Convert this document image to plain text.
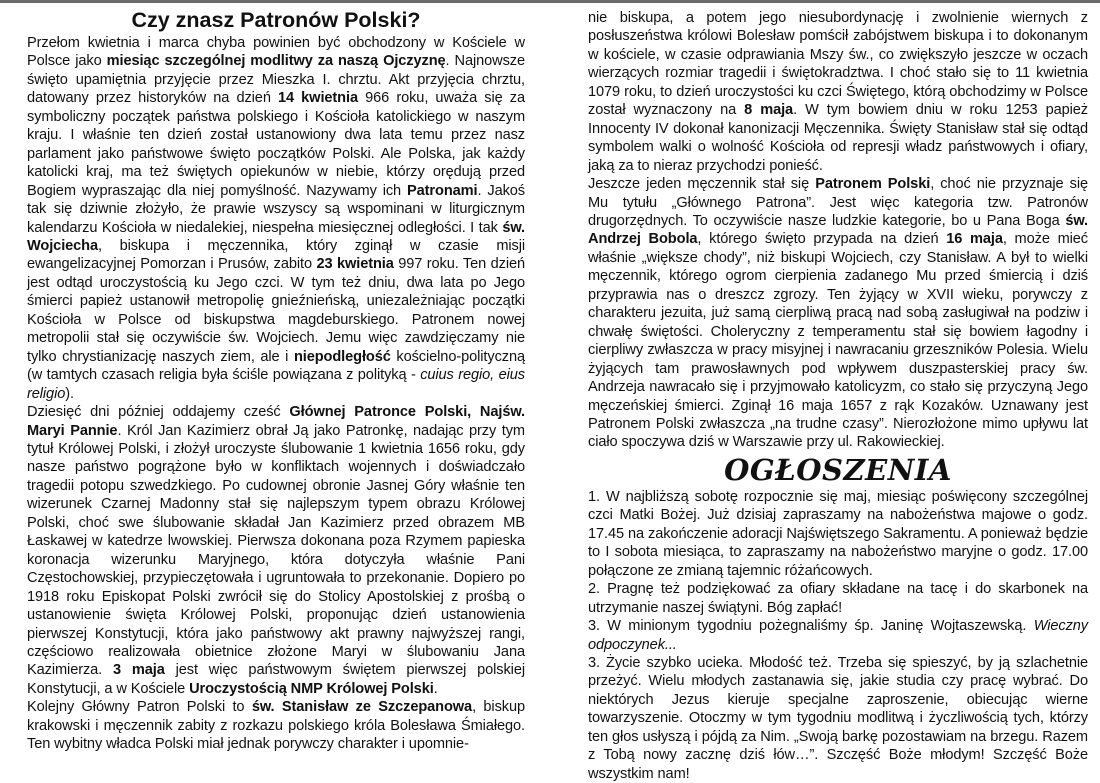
Czy znasz Patronów Polski?

Przełom kwietnia i marca chyba powinien być obchodzony w Kościele w Polsce jako miesiąc szczególnej modlitwy za naszą Ojczyznę. Najnowsze święto upamiętnia przyjęcie przez Mieszka I. chrztu. Akt przyjęcia chrztu, datowany przez historyków na dzień 14 kwietnia 966 roku, uważa się za symboliczny początek państwa polskiego i Kościoła katolickiego w naszym kraju. I właśnie ten dzień został ustanowiony dwa lata temu przez nasz parlament jako państwowe święto początków Polski. Ale Polska, jak każdy katolicki kraj, ma też świętych opiekunów w niebie, którzy orędują przed Bogiem wypraszając dla niej pomyślność. Nazywamy ich Patronami. Jakoś tak się dziwnie złożyło, że prawie wszyscy są wspominani w liturgicznym kalendarzu Kościoła w niedalekiej, niespełna miesięcznej odległości. I tak św. Wojciecha, biskupa i męczennika, który zginął w czasie misji ewangelizacyjnej Pomorzan i Prusów, zabito 23 kwietnia 997 roku. Ten dzień jest odtąd uroczystością ku Jego czci. W tym też dniu, dwa lata po Jego śmierci papież ustanowił metropolię gnieźnieńską, uniezależniając początki Kościoła w Polsce od biskupstwa magdeburskiego. Patronem nowej metropolii stał się oczywiście św. Wojciech. Jemu więc zawdzięczamy nie tylko chrystianizację naszych ziem, ale i niepodległość kościelno-polityczną (w tamtych czasach religia była ściśle powiązana z polityką - cuius regio, eius religio).

Dziesięć dni później oddajemy cześć Głównej Patronce Polski, Najśw. Maryi Pannie. Król Jan Kazimierz obrał Ją jako Patronkę, nadając przy tym tytuł Królowej Polski, i złożył uroczyste ślubowanie 1 kwietnia 1656 roku, gdy nasze państwo pogrążone było w konfliktach wojennych i doświadczało tragedii potopu szwedzkiego. Po cudownej obronie Jasnej Góry właśnie ten wizerunek Czarnej Madonny stał się najlepszym typem obrazu Królowej Polski, choć swe ślubowanie składał Jan Kazimierz przed obrazem MB Łaskawej w katedrze lwowskiej. Pierwsza dokonana poza Rzymem papieska koronacja wizerunku Maryjnego, która dotyczyła właśnie Pani Częstochowskiej, przypieczętowała i ugruntowała to przekonanie. Dopiero po 1918 roku Episkopat Polski zwrócił się do Stolicy Apostolskiej z prośbą o ustanowienie święta Królowej Polski, proponując dzień ustanowienia pierwszej Konstytucji, która jako państwowy akt prawny najwyższej rangi, częściowo realizowała obietnice złożone Maryi w ślubowaniu Jana Kazimierza. 3 maja jest więc państwowym świętem pierwszej polskiej Konstytucji, a w Kościele Uroczystością NMP Królowej Polski.

Kolejny Główny Patron Polski to św. Stanisław ze Szczepanowa, biskup krakowski i męczennik zabity z rozkazu polskiego króla Bolesława Śmiałego. Ten wybitny władca Polski miał jednak porywczy charakter i upomnie-

nie biskupa, a potem jego niesubordynację i zwolnienie wiernych z posłuszeństwa królowi Bolesław pomścił zabójstwem biskupa i to dokonanym w kościele, w czasie odprawiania Mszy św., co zwiększyło jeszcze w oczach wierzących rozmiar tragedii i świętokradztwa. I choć stało się to 11 kwietnia 1079 roku, to dzień uroczystości ku czci Świętego, którą obchodzimy w Polsce został wyznaczony na 8 maja. W tym bowiem dniu w roku 1253 papież Innocenty IV dokonał kanonizacji Męczennika. Święty Stanisław stał się odtąd symbolem walki o wolność Kościoła od represji władz państwowych i ofiary, jaką za to nieraz przychodzi ponieść.

Jeszcze jeden męczennik stał się Patronem Polski, choć nie przyznaje się Mu tytułu „Głównego Patrona”. Jest więc kategoria tzw. Patronów drugorzędnych. To oczywiście nasze ludzkie kategorie, bo u Pana Boga św. Andrzej Bobola, którego święto przypada na dzień 16 maja, może mieć właśnie „większe chody”, niż biskupi Wojciech, czy Stanisław. A był to wielki męczennik, którego ogrom cierpienia zadanego Mu przed śmiercią i dziś przyprawia nas o dreszcz zgrozy. Ten żyjący w XVII wieku, porywczy z charakteru jezuita, już samą cierpliwą pracą nad sobą zasługiwał na podziw i chwałę świętości. Choleryczny z temperamentu stał się bowiem łagodny i cierpliwy zwłaszcza w pracy misyjnej i nawracaniu grzeszników Polesia. Wielu żyjących tam prawosławnych pod wpływem duszpasterskiej pracy św. Andrzeja nawracało się i przyjmowało katolicyzm, co stało się przyczyną Jego męczeńskiej śmierci. Zginął 16 maja 1657 z rąk Kozaków. Uznawany jest Patronem Polski zwłaszcza „na trudne czasy”. Nierozłożone mimo upływu lat ciało spoczywa dziś w Warszawie przy ul. Rakowieckiej.

OGŁOSZENIA

1. W najbliższą sobotę rozpocznie się maj, miesiąc poświęcony szczególnej czci Matki Bożej. Już dzisiaj zapraszamy na nabożeństwa majowe o godz. 17.45 na zakończenie adoracji Najświętszego Sakramentu. A ponieważ będzie to I sobota miesiąca, to zapraszamy na nabożeństwo maryjne o godz. 17.00 połączone ze zmianą tajemnic różańcowych.

2. Pragnę też podziękować za ofiary składane na tacę i do skarbonek na utrzymanie naszej świątyni. Bóg zapłać!

3. W minionym tygodniu pożegnaliśmy śp. Janinę Wojtaszewską. Wieczny odpoczynek...

3. Życie szybko ucieka. Młodość też. Trzeba się spieszyć, by ją szlachetnie przeżyć. Wielu młodych zastanawia się, jakie studia czy pracę wybrać. Do niektórych Jezus kieruje specjalne zaproszenie, obiecując wierne towarzyszenie. Otoczmy w tym tygodniu modlitwą i życzliwością tych, którzy ten głos usłyszą i pójdą za Nim. „Swoją barkę pozostawiam na brzegu. Razem z Tobą nowy zacznę dziś łów…”. Szczęść Boże młodym! Szczęść Boże wszystkim nam!
